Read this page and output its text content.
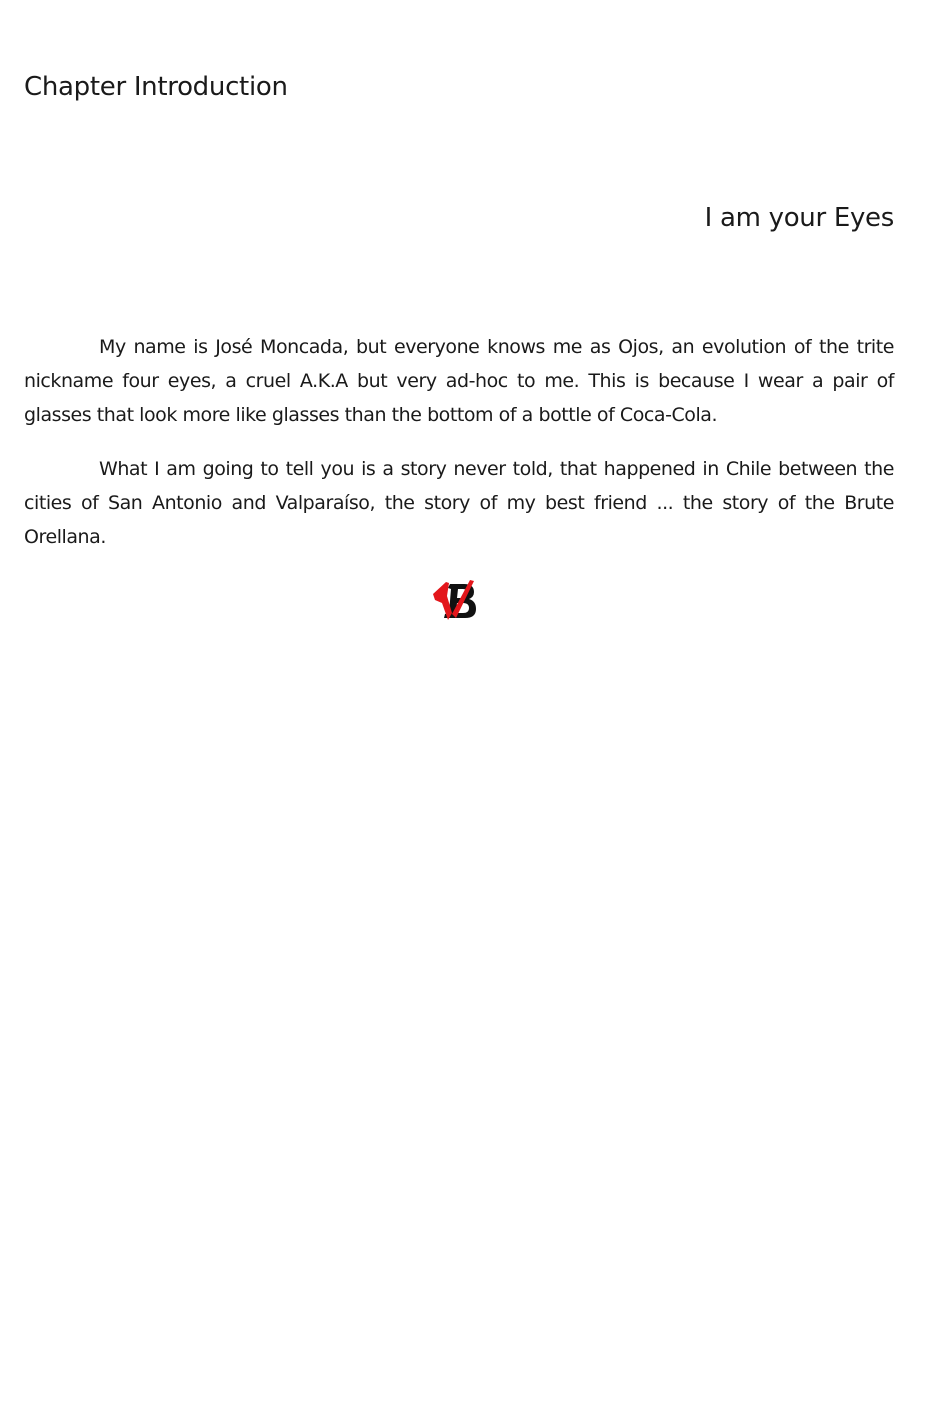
Chapter Introduction
I am your Eyes

My name is José Moncada, but everyone knows me as Ojos, an evolution of the trite nickname four eyes, a cruel A.K.A but very ad-hoc to me. This is because I wear a pair of glasses that look more like glasses than the bottom of a bottle of Coca-Cola.

What I am going to tell you is a story never told, that happened in Chile between the cities of San Antonio and Valparaíso, the story of my best friend ... the story of the Brute Orellana.
